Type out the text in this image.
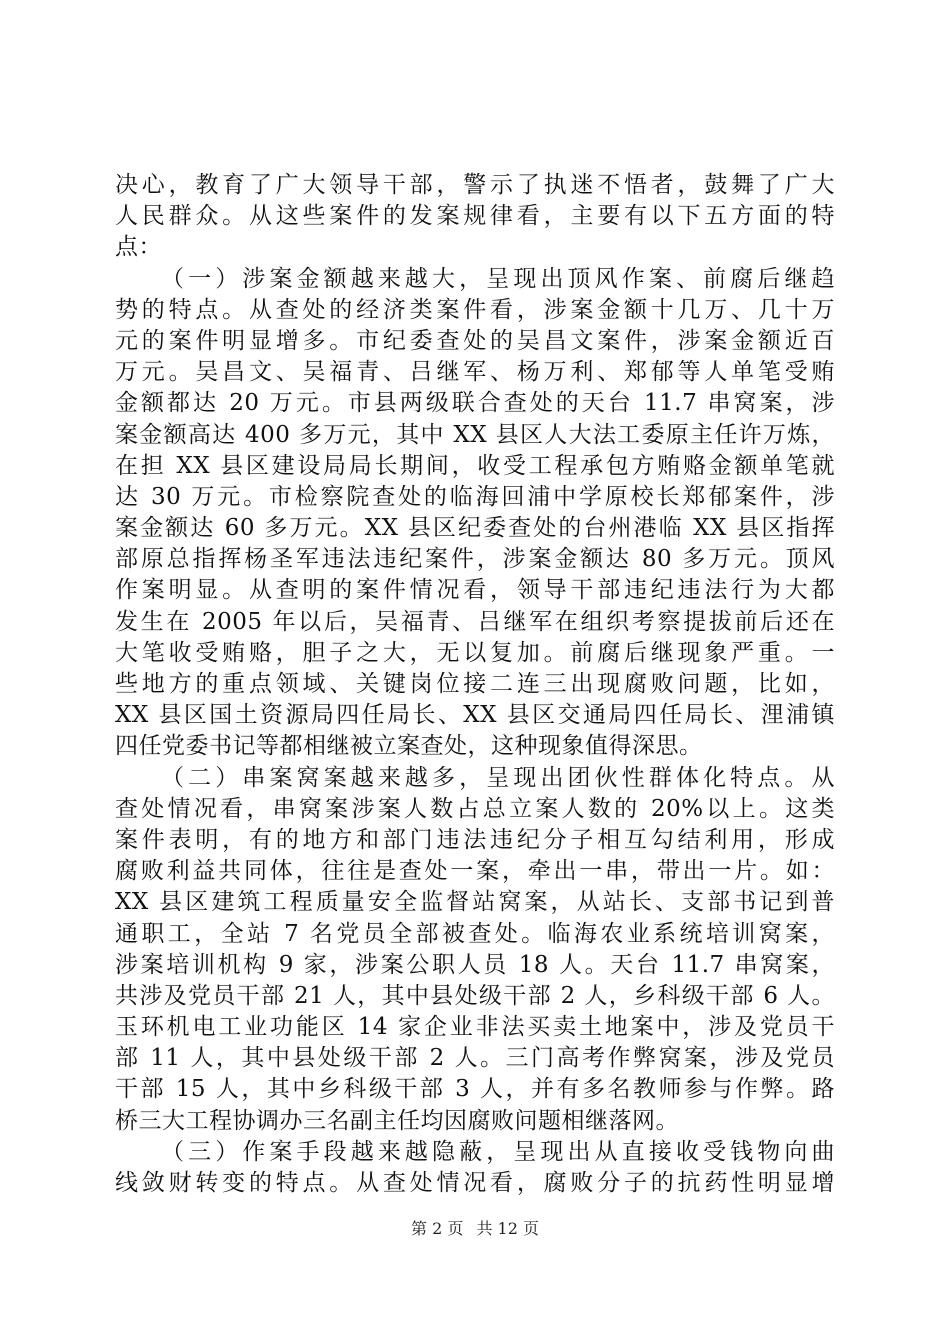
决心，教育了广大领导干部，警示了执迷不悟者，鼓舞了广大
人民群众。从这些案件的发案规律看，主要有以下五方面的特
点：
（一）涉案金额越来越大，呈现出顶风作案、前腐后继趋
势的特点。从查处的经济类案件看，涉案金额十几万、几十万
元的案件明显增多。市纪委查处的吴昌文案件，涉案金额近百
万元。吴昌文、吴福青、吕继军、杨万利、郑郁等人单笔受贿
金额都达 20 万元。市县两级联合查处的天台 11.7 串窝案，涉
案金额高达 400 多万元，其中 XX 县区人大法工委原主任许万炼，
在担 XX 县区建设局局长期间，收受工程承包方贿赂金额单笔就
达 30 万元。市检察院查处的临海回浦中学原校长郑郁案件，涉
案金额达 60 多万元。XX 县区纪委查处的台州港临 XX 县区指挥
部原总指挥杨圣军违法违纪案件，涉案金额达 80 多万元。顶风
作案明显。从查明的案件情况看，领导干部违纪违法行为大都
发生在 2005 年以后，吴福青、吕继军在组织考察提拔前后还在
大笔收受贿赂，胆子之大，无以复加。前腐后继现象严重。一
些地方的重点领域、关键岗位接二连三出现腐败问题，比如，
XX 县区国土资源局四任局长、XX 县区交通局四任局长、浬浦镇
四任党委书记等都相继被立案查处，这种现象值得深思。
（二）串案窝案越来越多，呈现出团伙性群体化特点。从
查处情况看，串窝案涉案人数占总立案人数的 20%以上。这类
案件表明，有的地方和部门违法违纪分子相互勾结利用，形成
腐败利益共同体，往往是查处一案，牵出一串，带出一片。如：
XX 县区建筑工程质量安全监督站窝案，从站长、支部书记到普
通职工，全站 7 名党员全部被查处。临海农业系统培训窝案，
涉案培训机构 9 家，涉案公职人员 18 人。天台 11.7 串窝案，
共涉及党员干部 21 人，其中县处级干部 2 人，乡科级干部 6 人。
玉环机电工业功能区 14 家企业非法买卖土地案中，涉及党员干
部 11 人，其中县处级干部 2 人。三门高考作弊窝案，涉及党员
干部 15 人，其中乡科级干部 3 人，并有多名教师参与作弊。路
桥三大工程协调办三名副主任均因腐败问题相继落网。
（三）作案手段越来越隐蔽，呈现出从直接收受钱物向曲
线敛财转变的特点。从查处情况看，腐败分子的抗药性明显增
第 2 页 共 12 页
